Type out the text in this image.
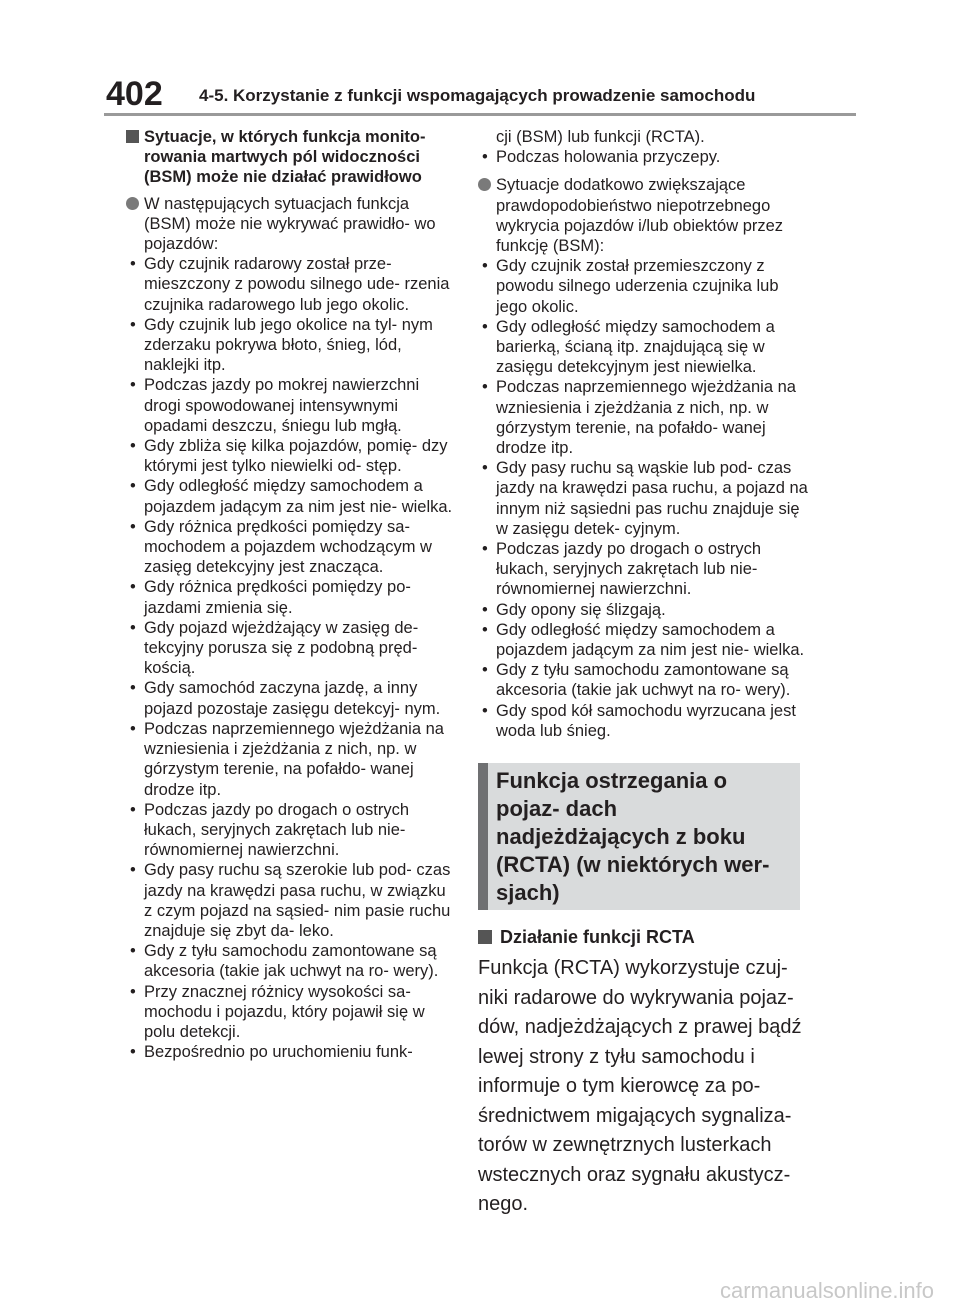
402 4-5. Korzystanie z funkcji wspomagających prowadzenie samochodu
Sytuacje, w których funkcja monito- rowania martwych pól widoczności (BSM) może nie działać prawidłowo
W następujących sytuacjach funkcja (BSM) może nie wykrywać prawidło- wo pojazdów:
• Gdy czujnik radarowy został prze- mieszczony z powodu silnego ude- rzenia czujnika radarowego lub jego okolic.
• Gdy czujnik lub jego okolice na tyl- nym zderzaku pokrywa błoto, śnieg, lód, naklejki itp.
• Podczas jazdy po mokrej nawierzchni drogi spowodowanej intensywnymi opadami deszczu, śniegu lub mgłą.
• Gdy zbliża się kilka pojazdów, pomię- dzy którymi jest tylko niewielki od- stęp.
• Gdy odległość między samochodem a pojazdem jadącym za nim jest nie- wielka.
• Gdy różnica prędkości pomiędzy sa- mochodem a pojazdem wchodzącym w zasięg detekcyjny jest znacząca.
• Gdy różnica prędkości pomiędzy po- jazdami zmienia się.
• Gdy pojazd wjeżdżający w zasięg de- tekcyjny porusza się z podobną pręd- kością.
• Gdy samochód zaczyna jazdę, a inny pojazd pozostaje zasięgu detekcyj- nym.
• Podczas naprzemiennego wjeżdżania na wzniesienia i zjeżdżania z nich, np. w górzystym terenie, na pofałdo- wanej drodze itp.
• Podczas jazdy po drogach o ostrych łukach, seryjnych zakrętach lub nie- równomiernej nawierzchni.
• Gdy pasy ruchu są szerokie lub pod- czas jazdy na krawędzi pasa ruchu, w związku z czym pojazd na sąsied- nim pasie ruchu znajduje się zbyt da- leko.
• Gdy z tyłu samochodu zamontowane są akcesoria (takie jak uchwyt na ro- wery).
• Przy znacznej różnicy wysokości sa- mochodu i pojazdu, który pojawił się w polu detekcji.
• Bezpośrednio po uruchomieniu funk-
cji (BSM) lub funkcji (RCTA).
• Podczas holowania przyczepy.
Sytuacje dodatkowo zwiększające prawdopodobieństwo niepotrzebnego wykrycia pojazdów i/lub obiektów przez funkcję (BSM):
• Gdy czujnik został przemieszczony z powodu silnego uderzenia czujnika lub jego okolic.
• Gdy odległość między samochodem a barierką, ścianą itp. znajdującą się w zasięgu detekcyjnym jest niewielka.
• Podczas naprzemiennego wjeżdżania na wzniesienia i zjeżdżania z nich, np. w górzystym terenie, na pofałdo- wanej drodze itp.
• Gdy pasy ruchu są wąskie lub pod- czas jazdy na krawędzi pasa ruchu, a pojazd na innym niż sąsiedni pas ruchu znajduje się w zasięgu detek- cyjnym.
• Podczas jazdy po drogach o ostrych łukach, seryjnych zakrętach lub nie- równomiernej nawierzchni.
• Gdy opony się ślizgają.
• Gdy odległość między samochodem a pojazdem jadącym za nim jest nie- wielka.
• Gdy z tyłu samochodu zamontowane są akcesoria (takie jak uchwyt na ro- wery).
• Gdy spod kół samochodu wyrzucana jest woda lub śnieg.
Funkcja ostrzegania o pojaz- dach nadjeżdżających z boku (RCTA) (w niektórych wer- sjach)
Działanie funkcji RCTA
Funkcja (RCTA) wykorzystuje czuj- niki radarowe do wykrywania pojaz- dów, nadjeżdżających z prawej bądź lewej strony z tyłu samochodu i informuje o tym kierowcę za po- średnictwem migających sygnaliza- torów w zewnętrznych lusterkach wstecznych oraz sygnału akustycz- nego.
carmanualsonline.info
